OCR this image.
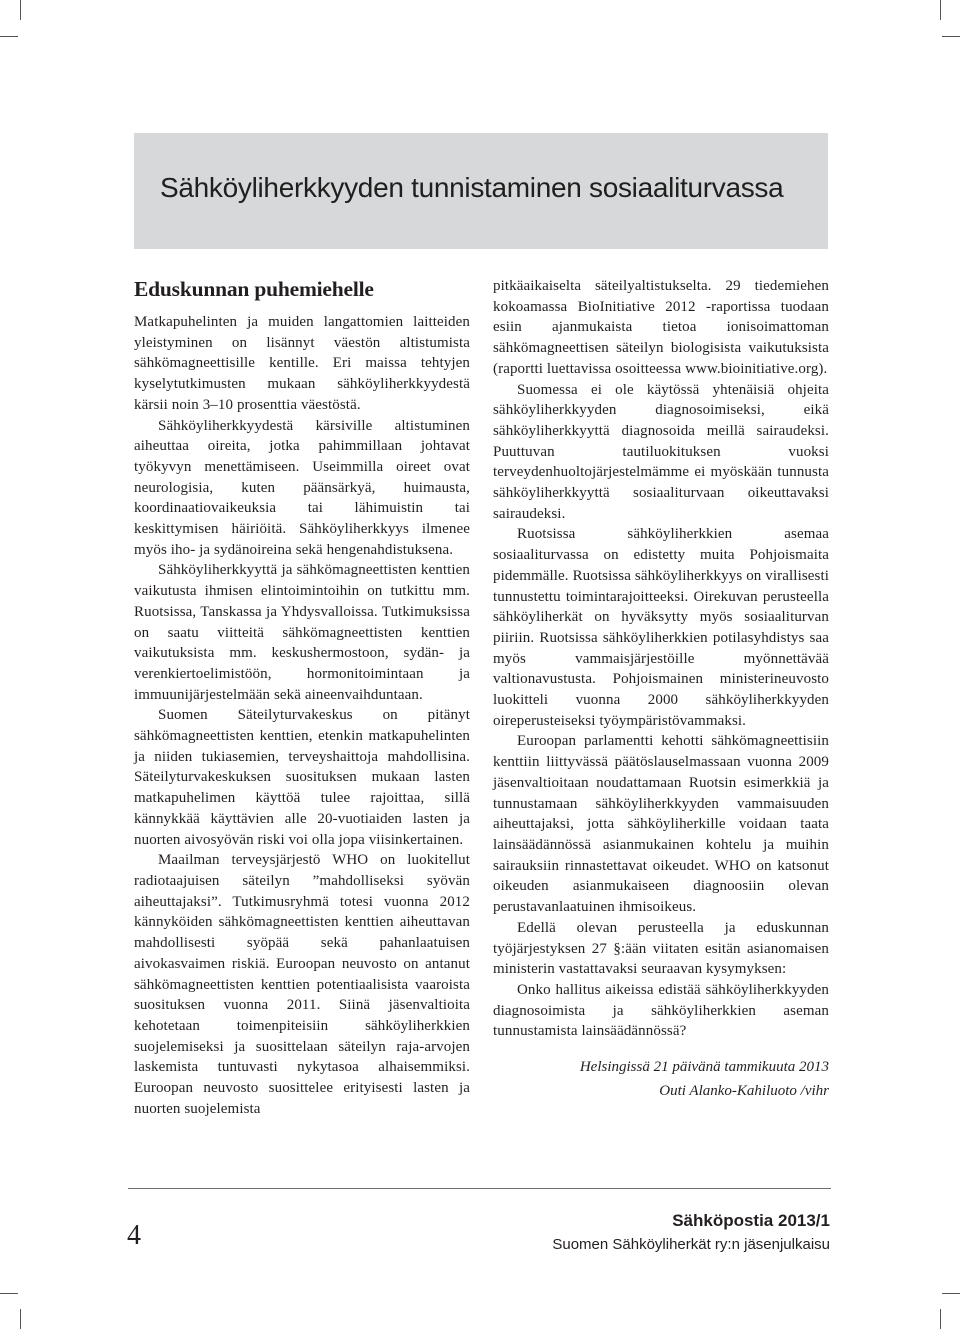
Sähköyliherkkyyden tunnistaminen sosiaaliturvassa
Eduskunnan puhemiehelle

Matkapuhelinten ja muiden langattomien laitteiden yleistyminen on lisännyt väestön altistumista sähkömagneettisille kentille. Eri maissa tehtyjen kyselytutkimusten mukaan sähköyliherkkyydestä kärsii noin 3–10 prosenttia väestöstä.

Sähköyliherkkyydestä kärsiville altistuminen aiheuttaa oireita, jotka pahimmillaan johtavat työkyvyn menettämiseen. Useimmilla oireet ovat neurologisia, kuten päänsärkyä, huimausta, koordinaatiovaikeuksia tai lähimuistin tai keskittymisen häiriöitä. Sähköyliherkkyys ilmenee myös iho- ja sydänoireina sekä hengenahdistuksena.

Sähköyliherkkyyttä ja sähkömagneettisten kenttien vaikutusta ihmisen elintoimintoihin on tutkittu mm. Ruotsissa, Tanskassa ja Yhdysvalloissa. Tutkimuksissa on saatu viitteitä sähkömagneettisten kenttien vaikutuksista mm. keskushermostoon, sydän- ja verenkiertoelimistöön, hormonitoimintaan ja immuunijärjestelmään sekä aineenvaihduntaan.

Suomen Säteilyturvakeskus on pitänyt sähkömagneettisten kenttien, etenkin matkapuhelinten ja niiden tukiasemien, terveyshaittoja mahdollisina. Säteilyturvakeskuksen suosituksen mukaan lasten matkapuhelimen käyttöä tulee rajoittaa, sillä kännykkää käyttävien alle 20-vuotiaiden lasten ja nuorten aivosyövän riski voi olla jopa viisinkertainen.

Maailman terveysjärjestö WHO on luokitellut radiotaajuisen säteilyn ”mahdolliseksi syövän aiheuttajaksi”. Tutkimusryhmä totesi vuonna 2012 kännyköiden sähkömagneettisten kenttien aiheuttavan mahdollisesti syöpää sekä pahanlaatuisen aivokasvaimen riskiä. Euroopan neuvosto on antanut sähkömagneettisten kenttien potentiaalisista vaaroista suosituksen vuonna 2011. Siinä jäsenvaltioita kehotetaan toimenpiteisiin sähköyliherkkien suojelemiseksi ja suosittelaan säteilyn raja-arvojen laskemista tuntuvasti nykytasoa alhaisemmiksi. Euroopan neuvosto suosittelee erityisesti lasten ja nuorten suojelemista

pitkäaikaiselta säteilyaltistukselta. 29 tiedemiehen kokoamassa BioInitiative 2012 -raportissa tuodaan esiin ajanmukaista tietoa ionisoimattoman sähkömagneettisen säteilyn biologisista vaikutuksista (raportti luettavissa osoitteessa www.bioinitiative.org).

Suomessa ei ole käytössä yhtenäisiä ohjeita sähköyliherkkyyden diagnosoimiseksi, eikä sähköyliherkkyyttä diagnosoida meillä sairaudeksi. Puuttuvan tautiluokituksen vuoksi terveydenhuoltojärjestelmämme ei myöskään tunnusta sähköyliherkkyyttä sosiaaliturvaan oikeuttavaksi sairaudeksi.

Ruotsissa sähköyliherkkien asemaa sosiaaliturvassa on edistetty muita Pohjoismaita pidemmälle. Ruotsissa sähköyliherkkyys on virallisesti tunnustettu toimintarajoitteeksi. Oirekuvan perusteella sähköyliherkät on hyväksytty myös sosiaaliturvan piiriin. Ruotsissa sähköyliherkkien potilasyhdistys saa myös vammaisjärjestöille myönnettävää valtionavustusta. Pohjoismainen ministerineuvosto luokitteli vuonna 2000 sähköyliherkkyyden oireperusteiseksi työympäristövammaksi.

Euroopan parlamentti kehotti sähkömagneettisiin kenttiin liittyvässä päätöslauselmassaan vuonna 2009 jäsenvaltioitaan noudattamaan Ruotsin esimerkkiä ja tunnustamaan sähköyliherkkyyden vammaisuuden aiheuttajaksi, jotta sähköyliherkille voidaan taata lainsäädännössä asianmukainen kohtelu ja muihin sairauksiin rinnastettavat oikeudet. WHO on katsonut oikeuden asianmukaiseen diagnoosiin olevan perustavanlaatuinen ihmisoikeus.

Edellä olevan perusteella ja eduskunnan työjärjestyksen 27 §:ään viitaten esitän asianomaisen ministerin vastattavaksi seuraavan kysymyksen:

Onko hallitus aikeissa edistää sähköyliherkkyyden diagnosoimista ja sähköyliherkkien aseman tunnustamista lainsäädännössä?

Helsingissä 21 päivänä tammikuuta 2013
Outi Alanko-Kahiluoto /vihr
4	Sähköpostia 2013/1
Suomen Sähköyliherkät ry:n jäsenjulkaisu
